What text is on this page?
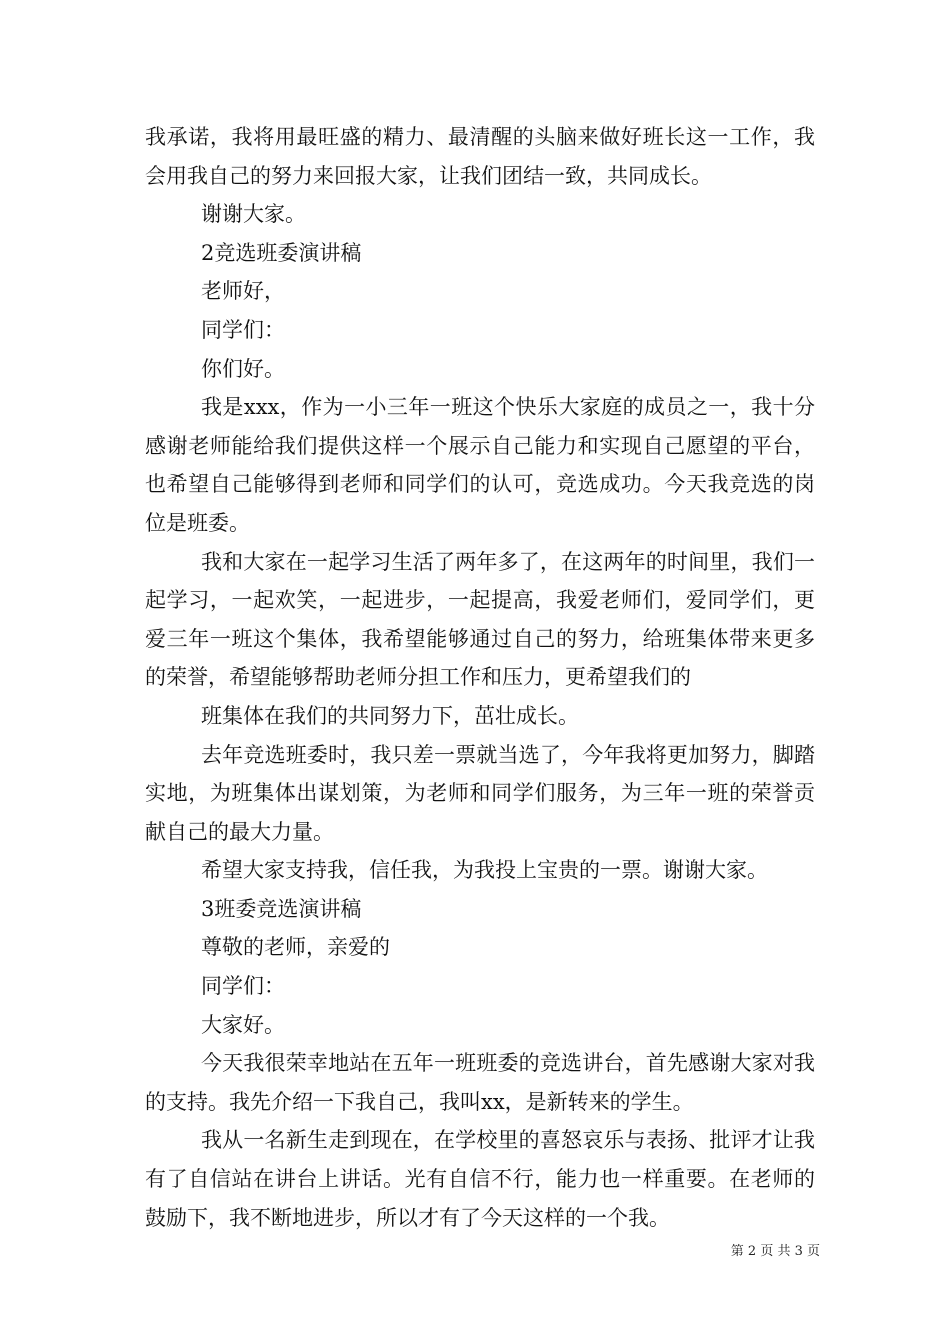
我承诺，我将用最旺盛的精力、最清醒的头脑来做好班长这一工作，我会用我自己的努力来回报大家，让我们团结一致，共同成长。

谢谢大家。

2竞选班委演讲稿

老师好，

同学们：

你们好。

我是xxx，作为一小三年一班这个快乐大家庭的成员之一，我十分感谢老师能给我们提供这样一个展示自己能力和实现自己愿望的平台，也希望自己能够得到老师和同学们的认可，竞选成功。今天我竞选的岗位是班委。

我和大家在一起学习生活了两年多了，在这两年的时间里，我们一起学习，一起欢笑，一起进步，一起提高，我爱老师们，爱同学们，更爱三年一班这个集体，我希望能够通过自己的努力，给班集体带来更多的荣誉，希望能够帮助老师分担工作和压力，更希望我们的

班集体在我们的共同努力下，茁壮成长。

去年竞选班委时，我只差一票就当选了，今年我将更加努力，脚踏实地，为班集体出谋划策，为老师和同学们服务，为三年一班的荣誉贡献自己的最大力量。

希望大家支持我，信任我，为我投上宝贵的一票。谢谢大家。

3班委竞选演讲稿

尊敬的老师，亲爱的

同学们：

大家好。

今天我很荣幸地站在五年一班班委的竞选讲台，首先感谢大家对我的支持。我先介绍一下我自己，我叫xx，是新转来的学生。

我从一名新生走到现在，在学校里的喜怒哀乐与表扬、批评才让我有了自信站在讲台上讲话。光有自信不行，能力也一样重要。在老师的鼓励下，我不断地进步，所以才有了今天这样的一个我。

第 2 页 共 3 页
